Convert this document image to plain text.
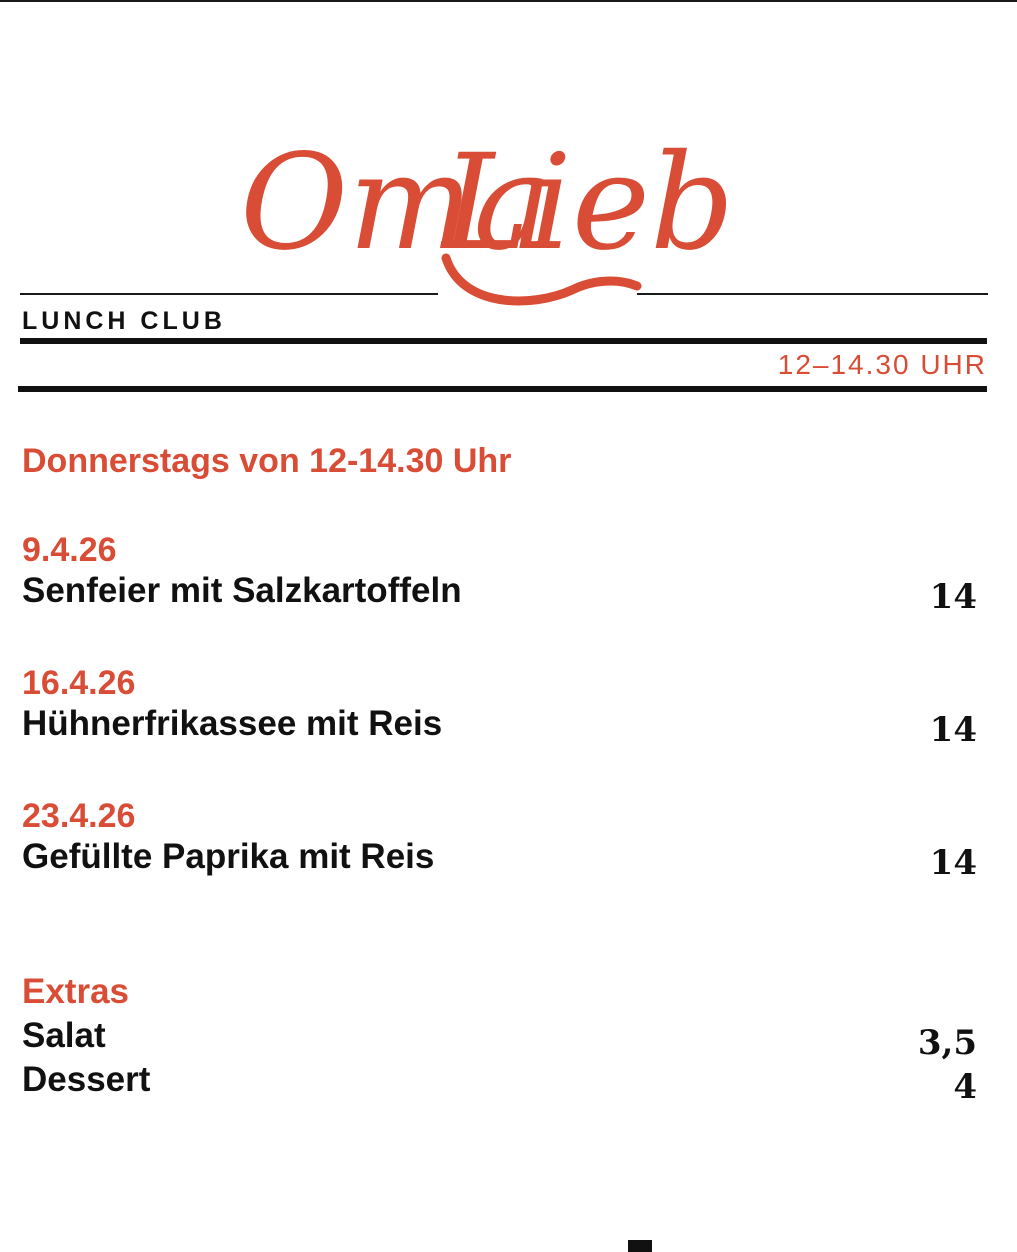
Oma
Lieb
LUNCH CLUB
12–14.30 UHR
Donnerstags von 12-14.30 Uhr
9.4.26
Senfeier mit Salzkartoffeln	14
16.4.26
Hühnerfrikassee mit Reis	14
23.4.26
Gefüllte Paprika mit Reis	14
Extras
Salat	3,5
Dessert	4
